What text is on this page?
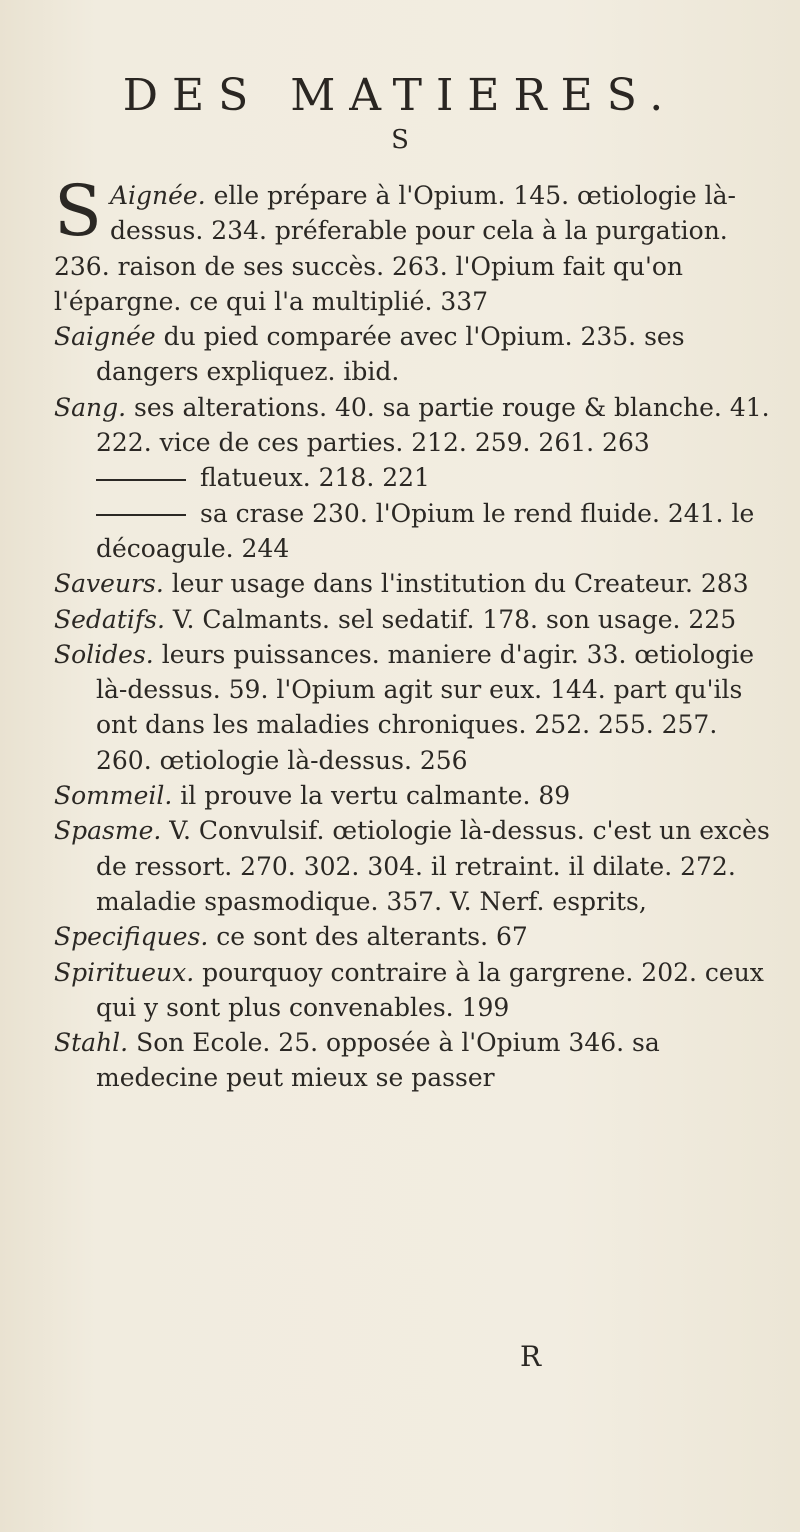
DES MATIERES.
S

S Aignée. elle prépare à l'Opium. 145. œtiologie là-dessus. 234. préferable pour cela à la purgation. 236. raison de ses succès. 263. l'Opium fait qu'on l'épargne. ce qui l'a multiplié. 337

Saignée du pied comparée avec l'Opium. 235. ses dangers expliquez. ibid.

Sang. ses alterations. 40. sa partie rouge & blanche. 41. 222. vice de ces parties. 212. 259. 261. 263

flatueux. 218. 221

sa crase 230. l'Opium le rend fluide. 241. le décoagule. 244

Saveurs. leur usage dans l'institution du Createur. 283

Sedatifs. V. Calmants. sel sedatif. 178. son usage. 225

Solides. leurs puissances. maniere d'agir. 33. œtiologie là-dessus. 59. l'Opium agit sur eux. 144. part qu'ils ont dans les maladies chroniques. 252. 255. 257. 260. œtiologie là-dessus. 256

Sommeil. il prouve la vertu calmante. 89

Spasme. V. Convulsif. œtiologie là-dessus. c'est un excès de ressort. 270. 302. 304. il retraint. il dilate. 272. maladie spasmodique. 357. V. Nerf. esprits,

Specifiques. ce sont des alterants. 67

Spiritueux. pourquoy contraire à la gargrene. 202. ceux qui y sont plus convenables. 199

Stahl. Son Ecole. 25. opposée à l'Opium 346. sa medecine peut mieux se passer

R
